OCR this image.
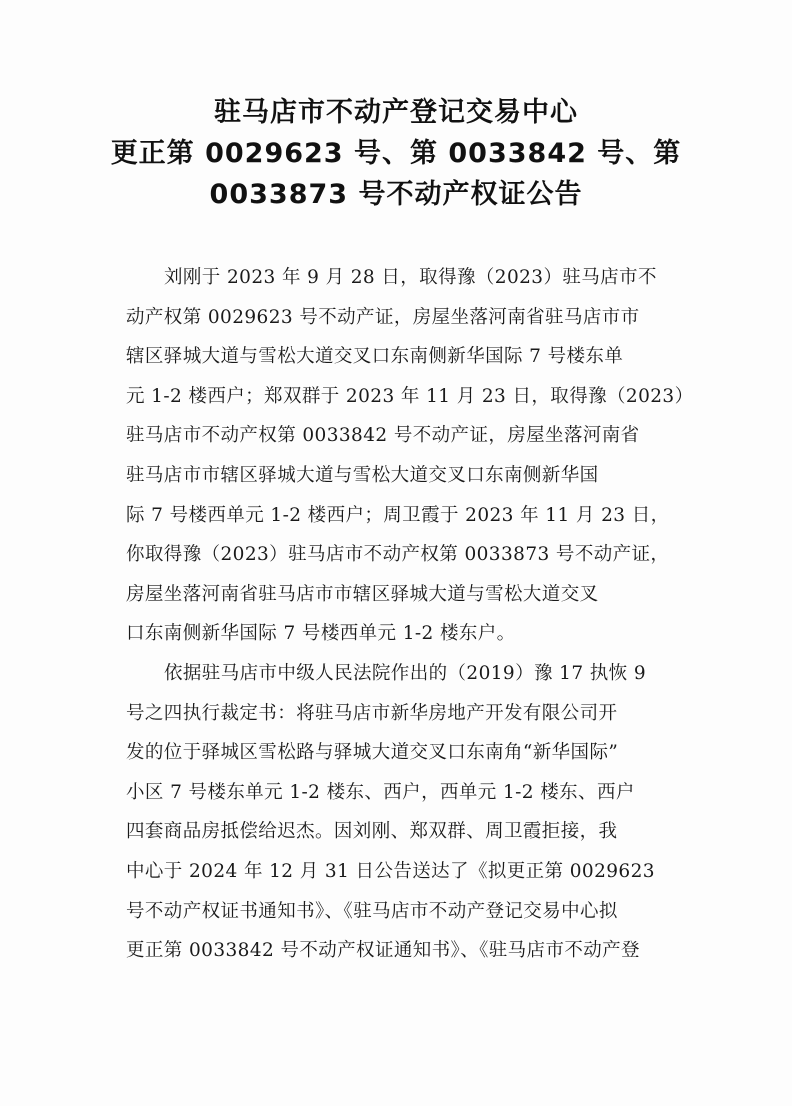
驻马店市不动产登记交易中心
更正第 0029623 号、第 0033842 号、第
0033873 号不动产权证公告
刘刚于 2023 年 9 月 28 日，取得豫（2023）驻马店市不
动产权第 0029623 号不动产证，房屋坐落河南省驻马店市市
辖区驿城大道与雪松大道交叉口东南侧新华国际 7 号楼东单
元 1-2 楼西户；郑双群于 2023 年 11 月 23 日，取得豫（2023）
驻马店市不动产权第 0033842 号不动产证，房屋坐落河南省
驻马店市市辖区驿城大道与雪松大道交叉口东南侧新华国
际 7 号楼西单元 1-2 楼西户；周卫霞于 2023 年 11 月 23 日，
你取得豫（2023）驻马店市不动产权第 0033873 号不动产证，
房屋坐落河南省驻马店市市辖区驿城大道与雪松大道交叉
口东南侧新华国际 7 号楼西单元 1-2 楼东户。
依据驻马店市中级人民法院作出的（2019）豫 17 执恢 9
号之四执行裁定书：将驻马店市新华房地产开发有限公司开
发的位于驿城区雪松路与驿城大道交叉口东南角“新华国际”
小区 7 号楼东单元 1-2 楼东、西户，西单元 1-2 楼东、西户
四套商品房抵偿给迟杰。因刘刚、郑双群、周卫霞拒接，我
中心于 2024 年 12 月 31 日公告送达了《拟更正第 0029623
号不动产权证书通知书》、《驻马店市不动产登记交易中心拟
更正第 0033842 号不动产权证通知书》、《驻马店市不动产登
